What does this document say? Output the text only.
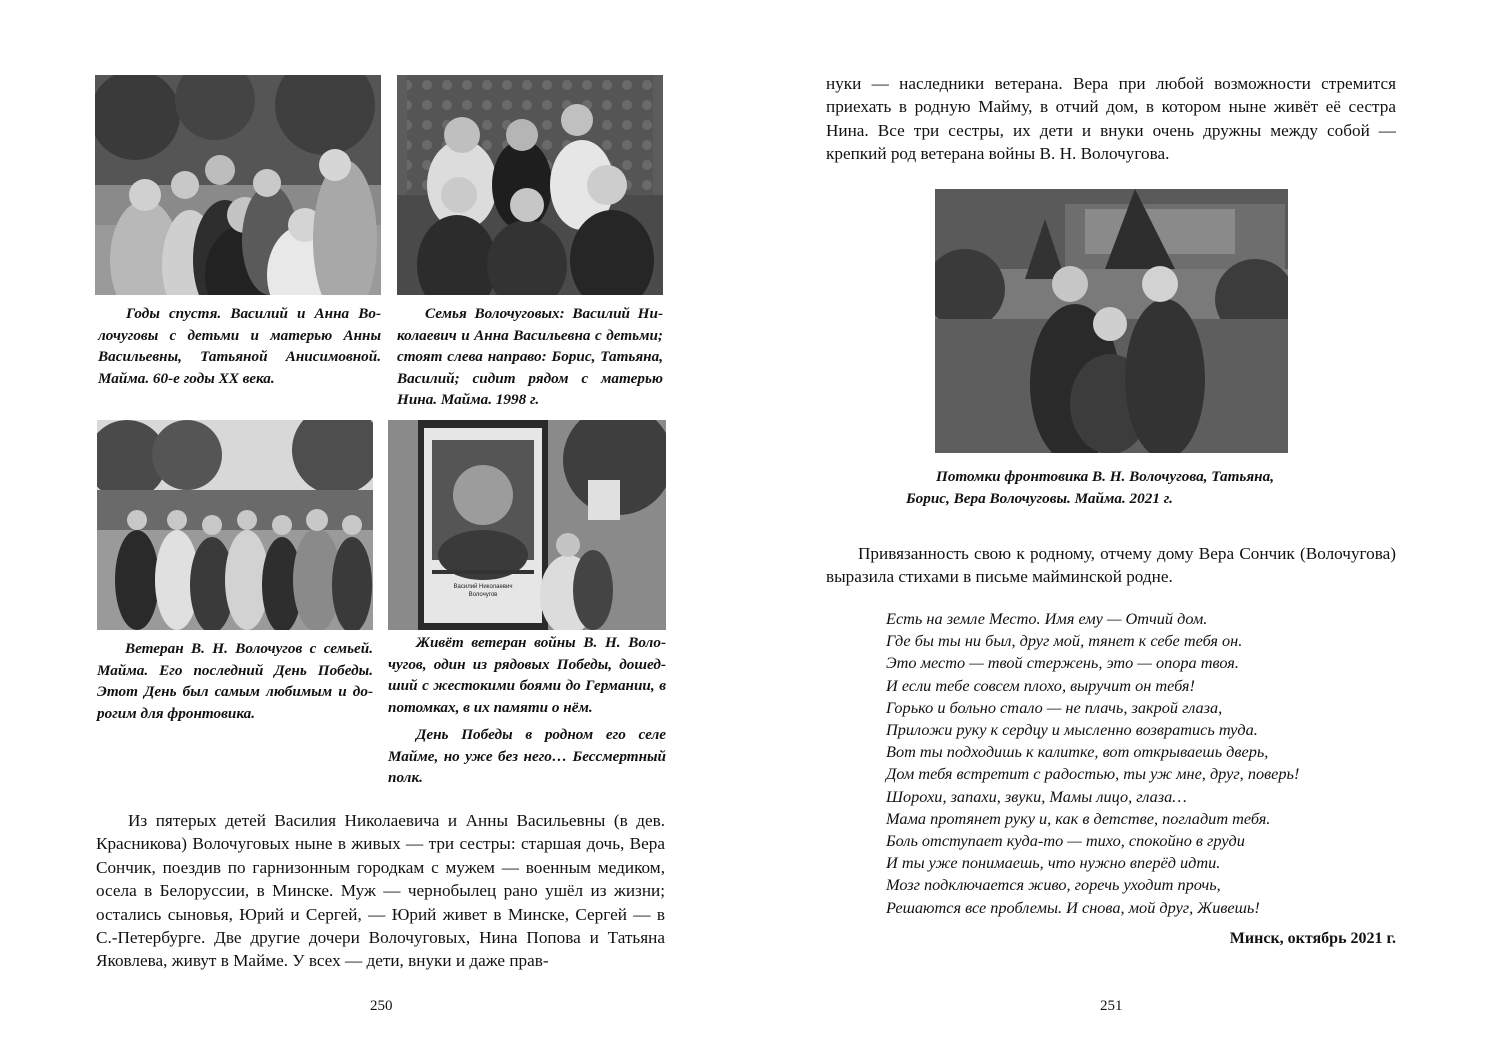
Годы спустя. Василий и Анна Волочуговы с детьми и матерью Анны Васильевны, Татьяной Анисимовной. Майма. 60-е годы XX века.

Семья Волочуговых: Василий Николаевич и Анна Васильевна с детьми; стоят слева направо: Борис, Татьяна, Василий; сидит рядом с матерью Нина. Майма. 1998 г.

Ветеран В. Н. Волочугов с семьей. Майма. Его последний День Победы. Этот День был самым любимым и дорогим для фронтовика.

Василий Николаевич
Волочугов

Живёт ветеран войны В. Н. Волочугов, один из рядовых Победы, дошедший с жестокими боями до Германии, в потомках, в их памяти о нём.

День Победы в родном его селе Майме, но уже без него… Бессмертный полк.

Из пятерых детей Василия Николаевича и Анны Васильевны (в дев. Красникова) Волочуговых ныне в живых — три сестры: старшая дочь, Вера Сончик, поездив по гарнизонным городкам с мужем — военным медиком, осела в Белоруссии, в Минске. Муж — чернобылец рано ушёл из жизни; остались сыновья, Юрий и Сергей, — Юрий живет в Минске, Сергей — в С.-Петербурге. Две другие дочери Волочуговых, Нина Попова и Татьяна Яковлева, живут в Майме. У всех — дети, внуки и даже прав-

250

нуки — наследники ветерана. Вера при любой возможности стремится приехать в родную Майму, в отчий дом, в котором ныне живёт её сестра Нина. Все три сестры, их дети и внуки очень дружны между собой — крепкий род ветерана войны В. Н. Волочугова.

Потомки фронтовика В. Н. Волочугова, Татьяна,

Борис, Вера Волочуговы. Майма. 2021 г.

Привязанность свою к родному, отчему дому Вера Сончик (Волочугова) выразила стихами в письме майминской родне.

Есть на земле Место. Имя ему — Отчий дом.
Где бы ты ни был, друг мой, тянет к себе тебя он.
Это место — твой стержень, это — опора твоя.
И если тебе совсем плохо, выручит он тебя!
Горько и больно стало — не плачь, закрой глаза,
Приложи руку к сердцу и мысленно возвратись туда.
Вот ты подходишь к калитке, вот открываешь дверь,
Дом тебя встретит с радостью, ты уж мне, друг, поверь!
Шорохи, запахи, звуки, Мамы лицо, глаза…
Мама протянет руку и, как в детстве, погладит тебя.
Боль отступает куда-то — тихо, спокойно в груди
И ты уже понимаешь, что нужно вперёд идти.
Мозг подключается живо, горечь уходит прочь,
Решаются все проблемы. И снова, мой друг, Живешь!
Минск, октябрь 2021 г.
251
